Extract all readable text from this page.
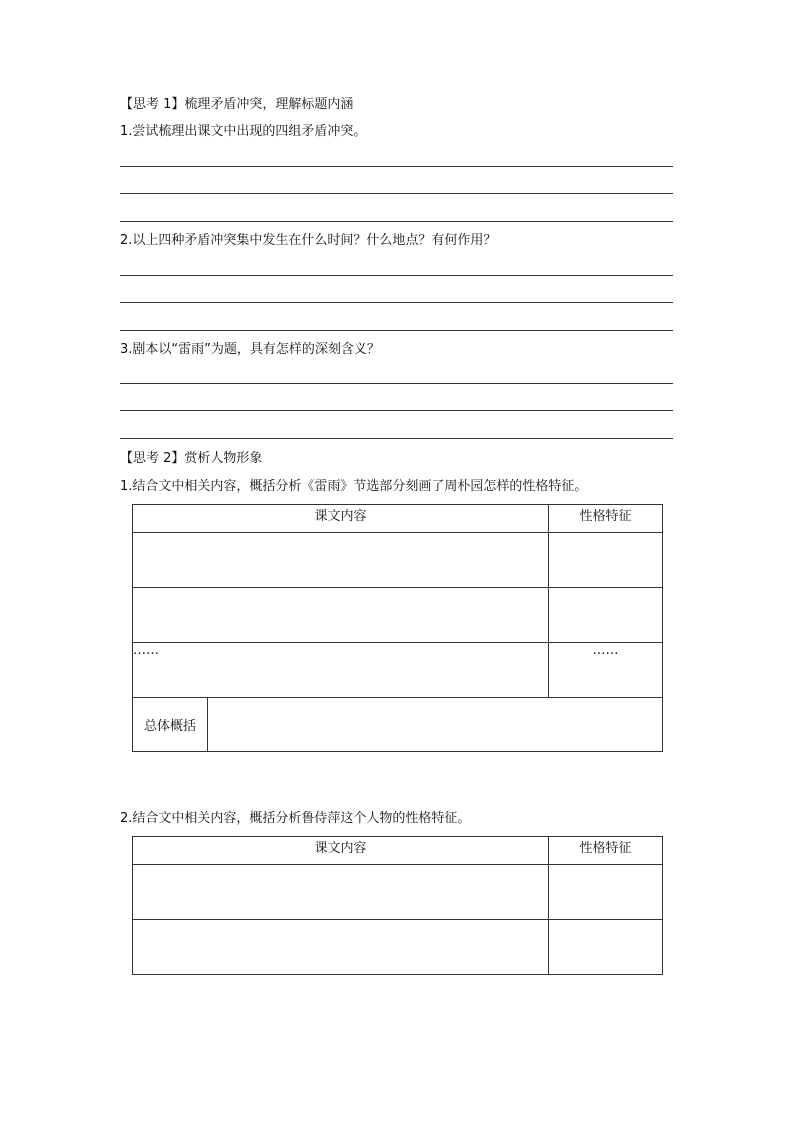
【思考 1】梳理矛盾冲突，理解标题内涵
1.尝试梳理出课文中出现的四组矛盾冲突。
2.以上四种矛盾冲突集中发生在什么时间？什么地点？有何作用？
3.剧本以“雷雨”为题，具有怎样的深刻含义？
【思考 2】赏析人物形象
1.结合文中相关内容，概括分析《雷雨》节选部分刻画了周朴园怎样的性格特征。
课文内容		性格特征

……		……
总体概括		
2.结合文中相关内容，概括分析鲁侍萍这个人物的性格特征。
课文内容	性格特征
